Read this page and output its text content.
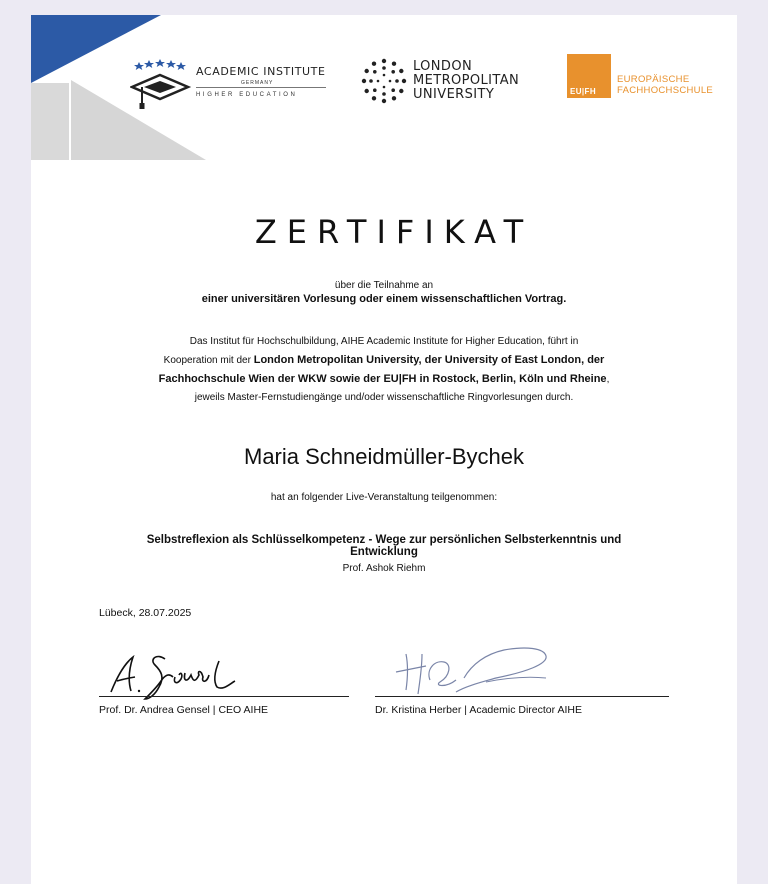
ACADEMIC INSTITUTE
GERMANY
HIGHER EDUCATION
LONDON
METROPOLITAN
UNIVERSITY	EU|FH
EUROPÄISCHE
FACHHOCHSCHULE
ZERTIFIKAT
über die Teilnahme an
einer universitären Vorlesung oder einem wissenschaftlichen Vortrag.
Das Institut für Hochschulbildung, AIHE Academic Institute for Higher Education, führt in
Kooperation mit der London Metropolitan University, der University of East London, der
Fachhochschule Wien der WKW sowie der EU|FH in Rostock, Berlin, Köln und Rheine,
jeweils Master-Fernstudiengänge und/oder wissenschaftliche Ringvorlesungen durch.
Maria Schneidmüller-Bychek
hat an folgender Live-Veranstaltung teilgenommen:
Selbstreflexion als Schlüsselkompetenz - Wege zur persönlichen Selbsterkenntnis und Entwicklung
Prof. Ashok Riehm
Lübeck, 28.07.2025
Prof. Dr. Andrea Gensel | CEO AIHE	Dr. Kristina Herber | Academic Director AIHE
